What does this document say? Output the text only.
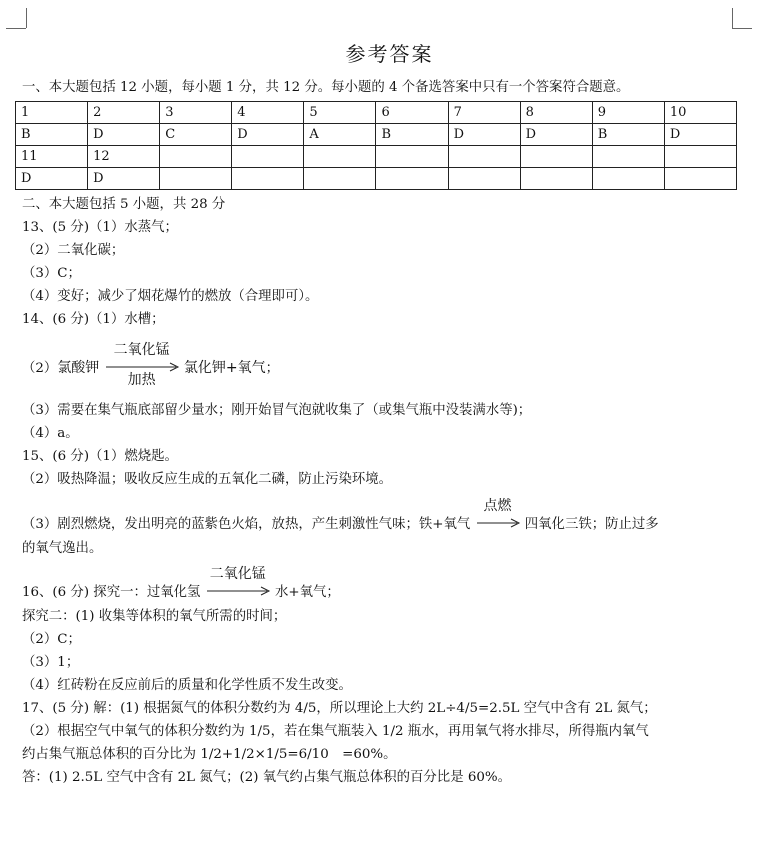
参考答案
一、本大题包括 12 小题，每小题 1 分，共 12 分。每小题的 4 个备选答案中只有一个答案符合题意。
1	2	3	4	5	6	7	8	9	10
B	D	C	D	A	B	D	D	B	D
11	12								
D	D								
二、本大题包括 5 小题，共 28 分
13、(5 分)（1）水蒸气；
（2）二氧化碳；
（3）C；
（4）变好；减少了烟花爆竹的燃放（合理即可）。
14、(6 分)（1）水槽；
（2）氯酸钾
二氧化锰
加热
氯化钾+氧气；
（3）需要在集气瓶底部留少量水；刚开始冒气泡就收集了（或集气瓶中没装满水等)；
（4）a。
15、(6 分)（1）燃烧匙。
（2）吸热降温；吸收反应生成的五氧化二磷，防止污染环境。
（3）剧烈燃烧，发出明亮的蓝紫色火焰，放热，产生刺激性气味；铁+氧气
点燃
四氧化三铁；防止过多
的氧气逸出。
16、(6 分) 探究一：过氧化氢
二氧化锰
水+氧气；
探究二：(1) 收集等体积的氧气所需的时间；
（2）C；
（3）1；
（4）红砖粉在反应前后的质量和化学性质不发生改变。
17、(5 分) 解：(1) 根据氮气的体积分数约为 4/5，所以理论上大约 2L÷4/5=2.5L 空气中含有 2L 氮气；
（2）根据空气中氧气的体积分数约为 1/5，若在集气瓶装入 1/2 瓶水，再用氧气将水排尽，所得瓶内氧气
约占集气瓶总体积的百分比为 1/2+1/2×1/5=6/10　=60%。
答：(1) 2.5L 空气中含有 2L 氮气；(2) 氧气约占集气瓶总体积的百分比是 60%。
